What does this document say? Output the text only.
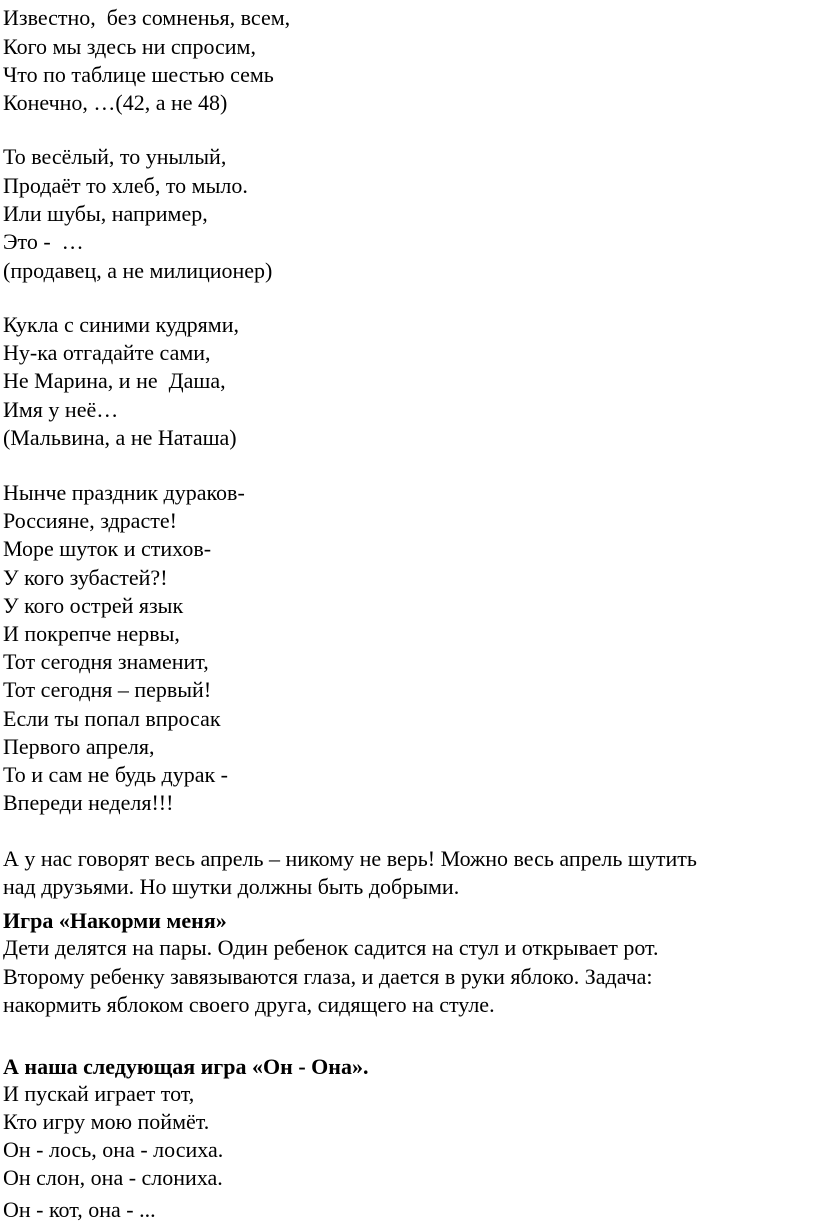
Известно,  без сомненья, всем,

Кого мы здесь ни спросим,

Что по таблице шестью семь

Конечно, …(42, а не 48)

То весёлый, то унылый,

Продаёт то хлеб, то мыло.

Или шубы, например,

Это -  …

(продавец, а не милиционер)

Кукла с синими кудрями,

Ну-ка отгадайте сами,

Не Марина, и не  Даша,

Имя у неё…

(Мальвина, а не Наташа)

Нынче праздник дураков-

Россияне, здрасте!

Море шуток и стихов-

У кого зубастей?!

У кого острей язык

И покрепче нервы,

Тот сегодня знаменит,

Тот сегодня – первый!

Если ты попал впросак

Первого апреля,

То и сам не будь дурак -

Впереди неделя!!!

А у нас говорят весь апрель – никому не верь! Можно весь апрель шутить

над друзьями. Но шутки должны быть добрыми.

Игра «Накорми меня»

Дети делятся на пары. Один ребенок садится на стул и открывает рот.

Второму ребенку завязываются глаза, и дается в руки яблоко. Задача:

накормить яблоком своего друга, сидящего на стуле.

А наша следующая игра «Он - Она».

И пускай играет тот,

Кто игру мою поймёт.

Он - лось, она - лосиха.

Он слон, она - слониха.

Он - кот, она - ...
